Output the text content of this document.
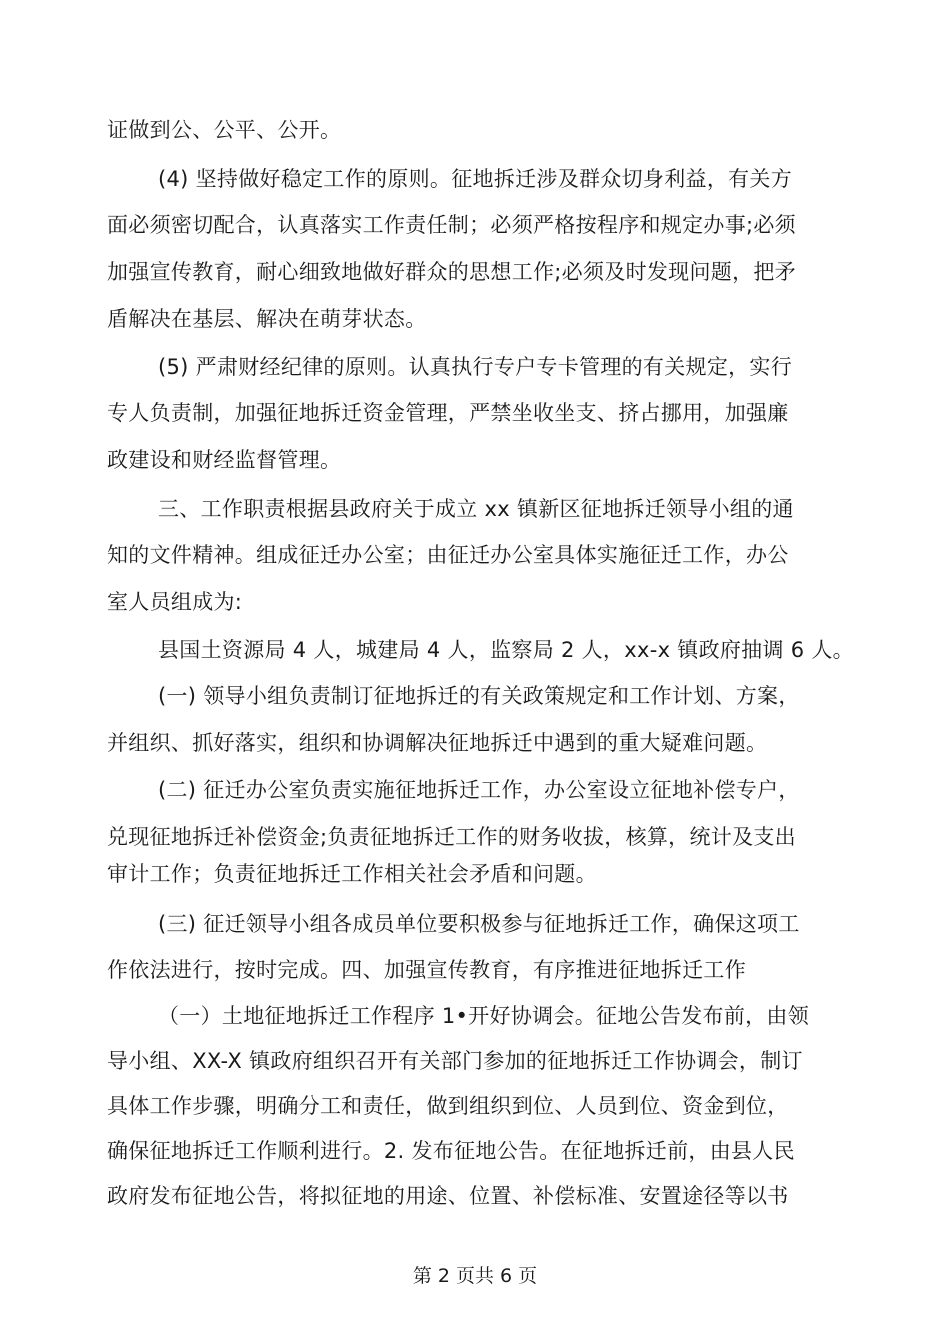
证做到公、公平、公开。
(4) 坚持做好稳定工作的原则。征地拆迁涉及群众切身利益，有关方
面必须密切配合，认真落实工作责任制；必须严格按程序和规定办事;必须
加强宣传教育，耐心细致地做好群众的思想工作;必须及时发现问题，把矛
盾解决在基层、解决在萌芽状态。
(5) 严肃财经纪律的原则。认真执行专户专卡管理的有关规定，实行
专人负责制，加强征地拆迁资金管理，严禁坐收坐支、挤占挪用，加强廉
政建设和财经监督管理。
三、工作职责根据县政府关于成立 xx 镇新区征地拆迁领导小组的通
知的文件精神。组成征迁办公室；由征迁办公室具体实施征迁工作，办公
室人员组成为:
县国土资源局 4 人，城建局 4 人，监察局 2 人，xx-x 镇政府抽调 6 人。
(一) 领导小组负责制订征地拆迁的有关政策规定和工作计划、方案，
并组织、抓好落实，组织和协调解决征地拆迁中遇到的重大疑难问题。
(二) 征迁办公室负责实施征地拆迁工作，办公室设立征地补偿专户，
兑现征地拆迁补偿资金;负责征地拆迁工作的财务收拔，核算，统计及支出
审计工作；负责征地拆迁工作相关社会矛盾和问题。
(三) 征迁领导小组各成员单位要积极参与征地拆迁工作，确保这项工
作依法进行，按时完成。四、加强宣传教育，有序推进征地拆迁工作
（一）土地征地拆迁工作程序 1•开好协调会。征地公告发布前，由领
导小组、XX-X 镇政府组织召开有关部门参加的征地拆迁工作协调会，制订
具体工作步骤，明确分工和责任，做到组织到位、人员到位、资金到位，
确保征地拆迁工作顺利进行。2. 发布征地公告。在征地拆迁前，由县人民
政府发布征地公告，将拟征地的用途、位置、补偿标准、安置途径等以书
第 2 页共 6 页
